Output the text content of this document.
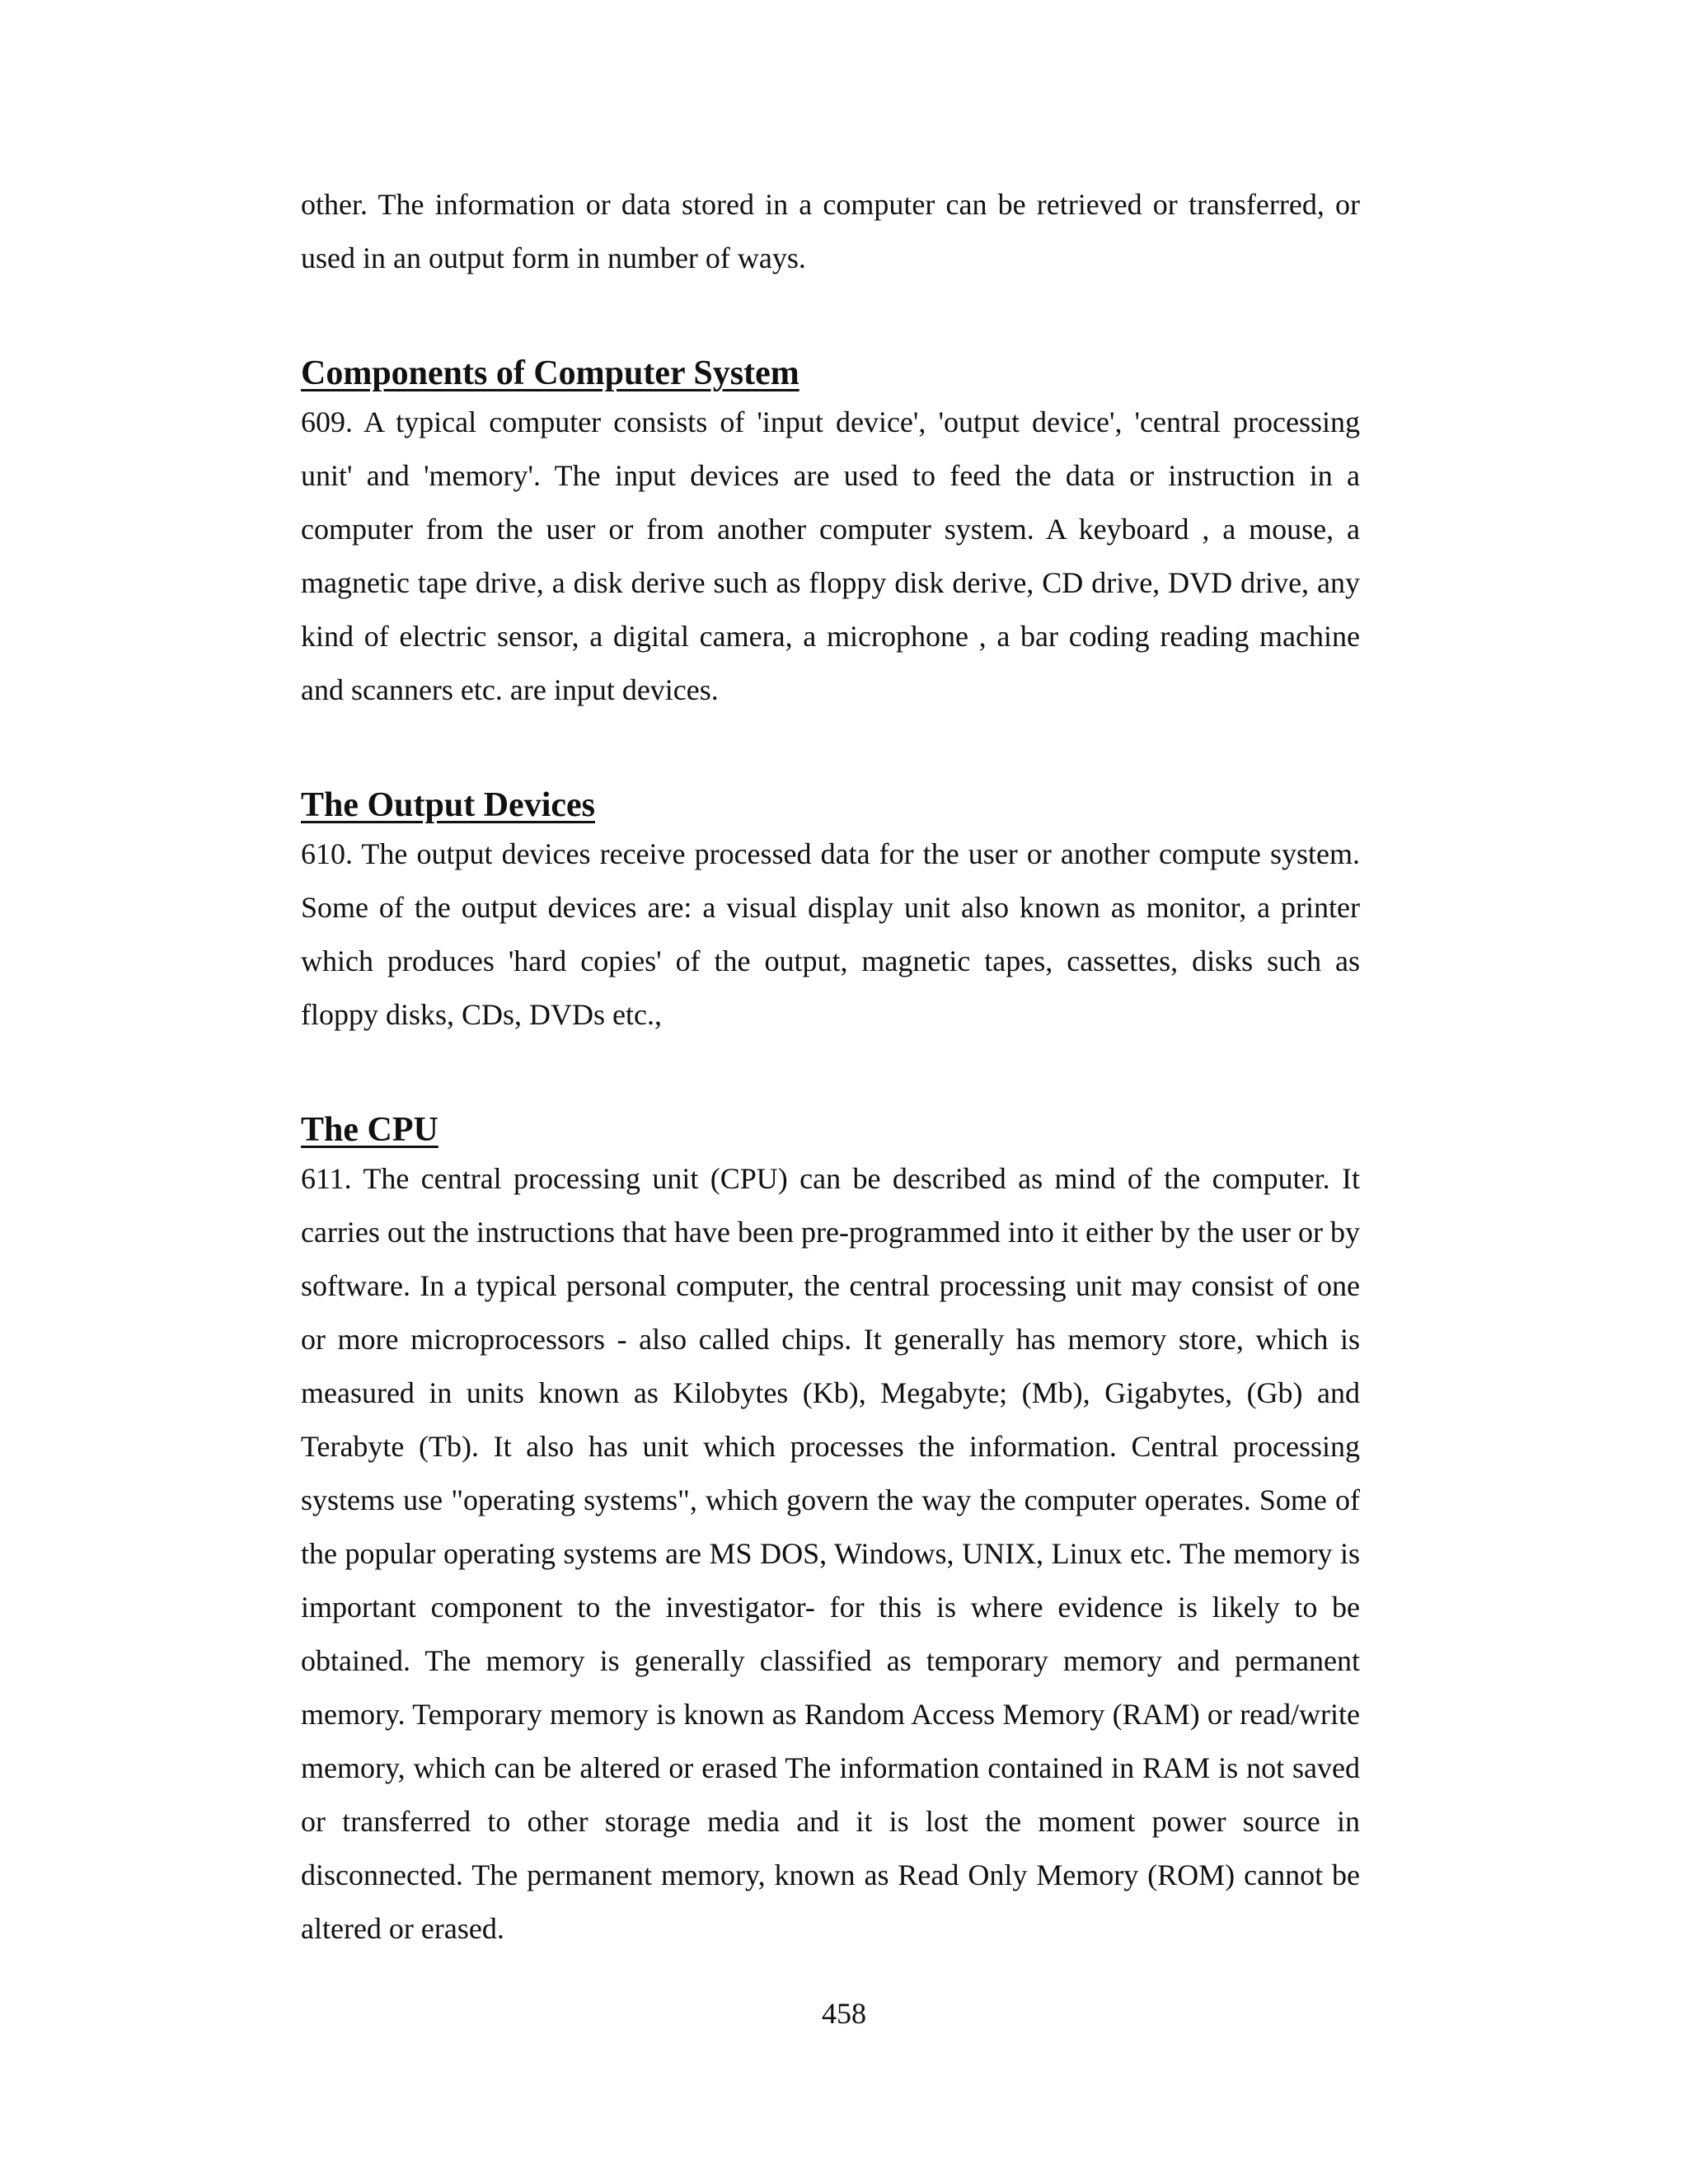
other. The information or data stored in a computer can be retrieved or transferred, or used in an output form in number of ways.

Components of Computer System

609. A typical computer consists of 'input device', 'output device', 'central processing unit' and 'memory'. The input devices are used to feed the data or instruction in a computer from the user or from another computer system. A keyboard , a mouse, a magnetic tape drive, a disk derive such as floppy disk derive, CD drive, DVD drive, any kind of electric sensor, a digital camera, a microphone , a bar coding reading machine and scanners etc. are input devices.

The Output Devices

610. The output devices receive processed data for the user or another compute system. Some of the output devices are: a visual display unit also known as monitor, a printer which produces 'hard copies' of the output, magnetic tapes, cassettes, disks such as floppy disks, CDs, DVDs etc.,

The CPU

611. The central processing unit (CPU) can be described as mind of the computer. It carries out the instructions that have been pre-programmed into it either by the user or by software. In a typical personal computer, the central processing unit may consist of one or more microprocessors - also called chips. It generally has memory store, which is measured in units known as Kilobytes (Kb), Megabyte; (Mb), Gigabytes, (Gb) and Terabyte (Tb). It also has unit which processes the information. Central processing systems use "operating systems", which govern the way the computer operates. Some of the popular operating systems are MS DOS, Windows, UNIX, Linux etc. The memory is important component to the investigator- for this is where evidence is likely to be obtained. The memory is generally classified as temporary memory and permanent memory. Temporary memory is known as Random Access Memory (RAM) or read/write memory, which can be altered or erased The information contained in RAM is not saved or transferred to other storage media and it is lost the moment power source in disconnected. The permanent memory, known as Read Only Memory (ROM) cannot be altered or erased.

458
